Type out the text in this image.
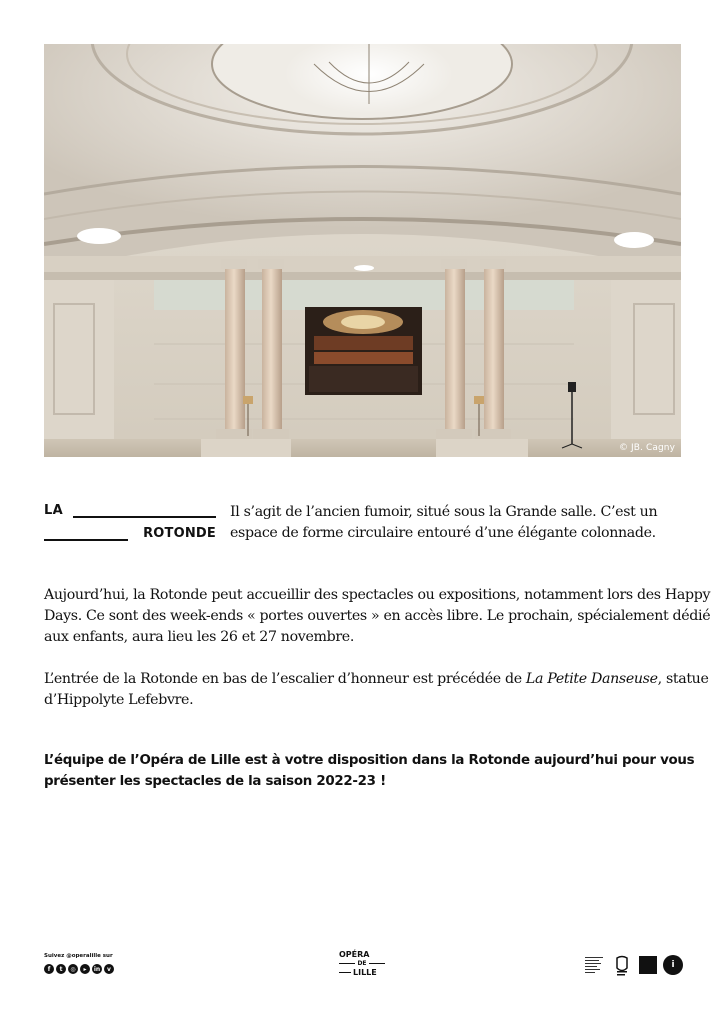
© JB. Cagny
LA
ROTONDE

Il s’agit de l’ancien fumoir, situé sous la Grande salle. C’est un espace de forme circulaire entouré d’une élégante colonnade.

Aujourd’hui, la Rotonde peut accueillir des spectacles ou expositions, notamment lors des Happy Days. Ce sont des week-ends « portes ouvertes » en accès libre. Le prochain, spécialement dédié aux enfants, aura lieu les 26 et 27 novembre.

L’entrée de la Rotonde en bas de l’escalier d’honneur est précédée de La Petite Danseuse, statue d’Hippolyte Lefebvre.

L’équipe de l’Opéra de Lille est à votre disposition dans la Rotonde aujourd’hui pour vous présenter les spectacles de la saison 2022-23 !

Suivez @operalille sur
f	t	◎	▸	in	v
OPÉRA
DE
LILLE
i
